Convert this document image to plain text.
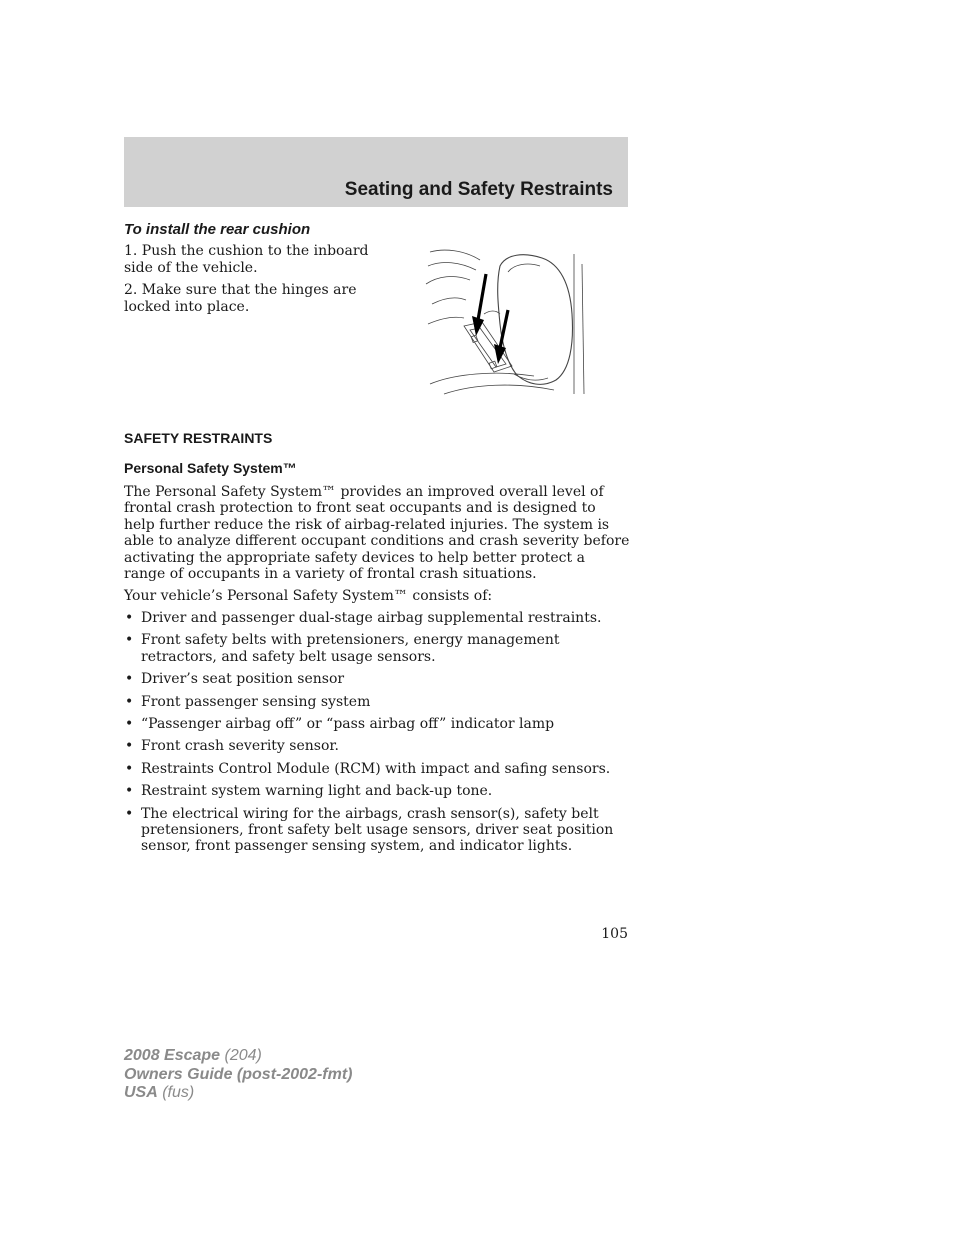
Seating and Safety Restraints
To install the rear cushion
1. Push the cushion to the inboard side of the vehicle.
2. Make sure that the hinges are locked into place.
SAFETY RESTRAINTS
Personal Safety System™
The Personal Safety System™ provides an improved overall level of frontal crash protection to front seat occupants and is designed to help further reduce the risk of airbag-related injuries. The system is able to analyze different occupant conditions and crash severity before activating the appropriate safety devices to help better protect a range of occupants in a variety of frontal crash situations.
Your vehicle’s Personal Safety System™ consists of:
• Driver and passenger dual-stage airbag supplemental restraints.
• Front safety belts with pretensioners, energy management retractors, and safety belt usage sensors.
• Driver’s seat position sensor
• Front passenger sensing system
• “Passenger airbag off” or “pass airbag off” indicator lamp
• Front crash severity sensor.
• Restraints Control Module (RCM) with impact and safing sensors.
• Restraint system warning light and back-up tone.
• The electrical wiring for the airbags, crash sensor(s), safety belt pretensioners, front safety belt usage sensors, driver seat position sensor, front passenger sensing system, and indicator lights.
105
2008 Escape (204)
Owners Guide (post-2002-fmt)
USA (fus)
